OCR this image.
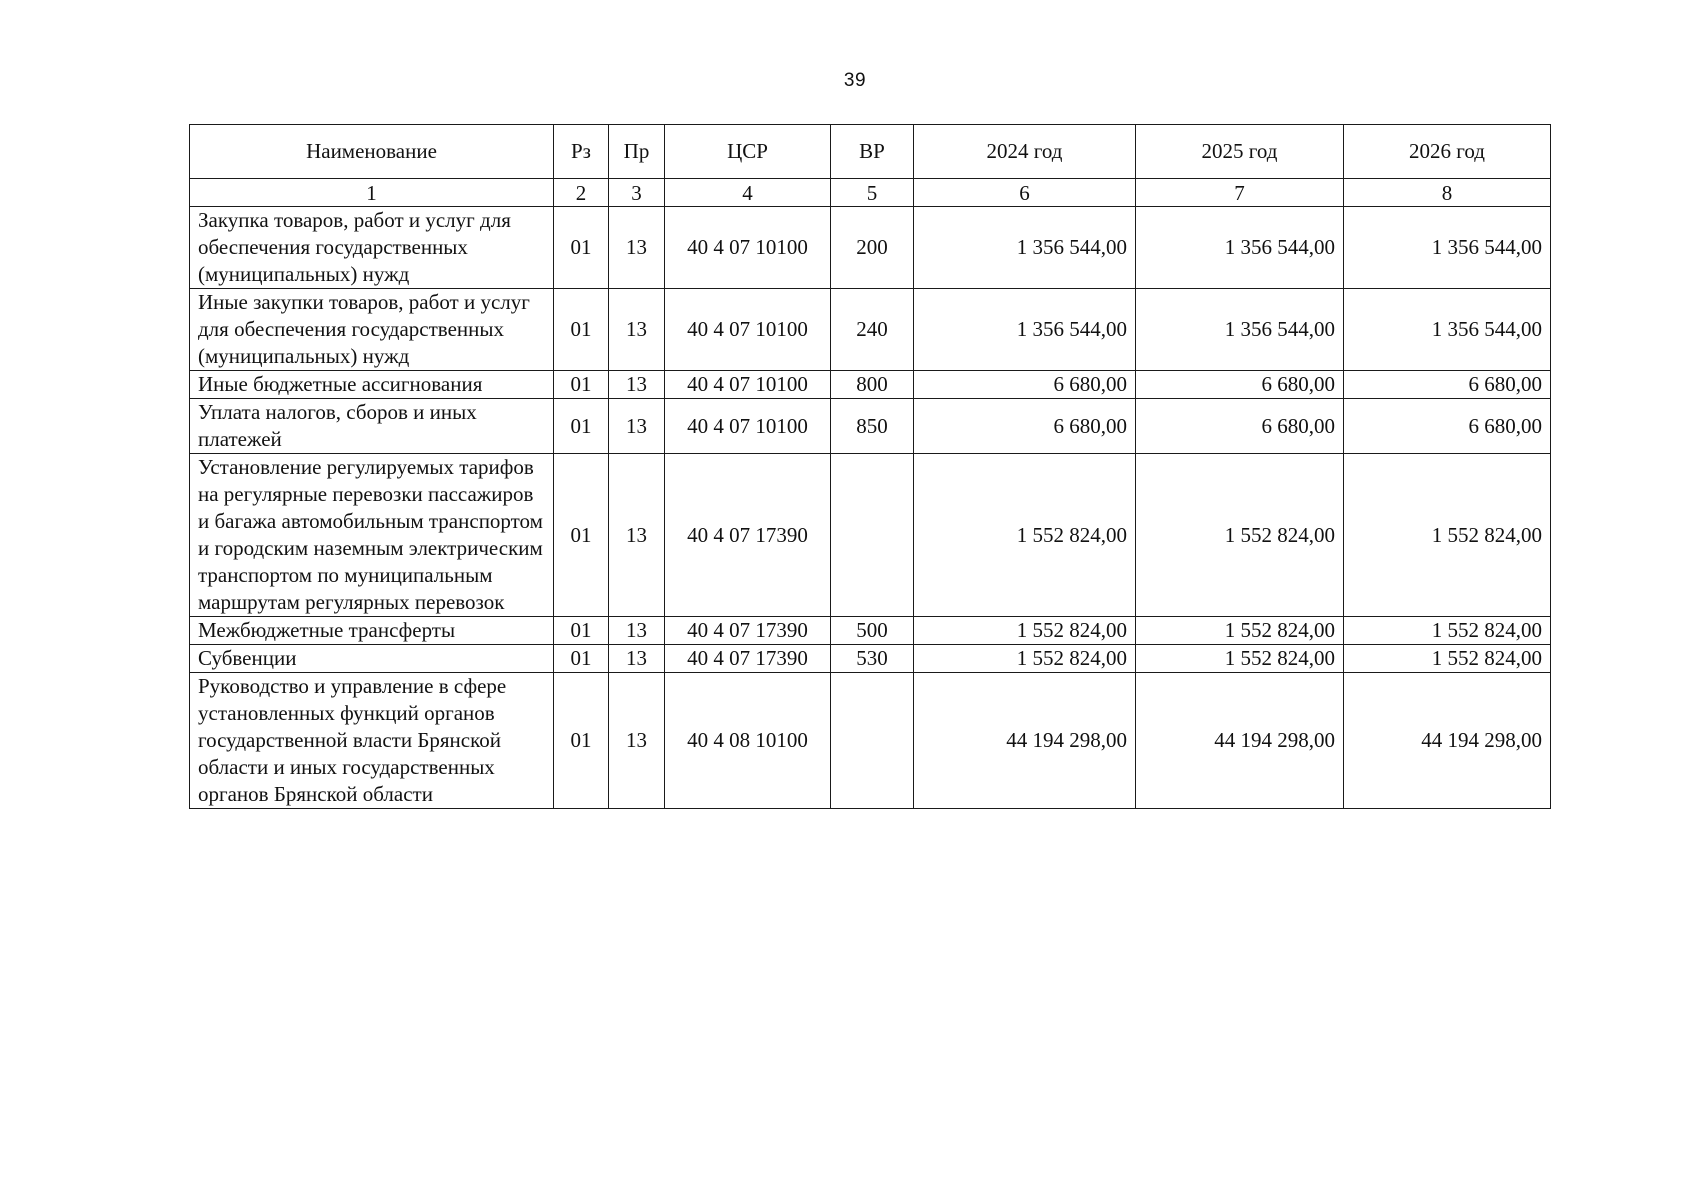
39
Наименование	Рз	Пр	ЦСР	ВР	2024 год	2025 год	2026 год
1	2	3	4	5	6	7	8
Закупка товаров, работ и услуг для обеспечения государственных (муниципальных) нужд	01	13	40 4 07 10100	200	1 356 544,00	1 356 544,00	1 356 544,00
Иные закупки товаров, работ и услуг для обеспечения государственных (муниципальных) нужд	01	13	40 4 07 10100	240	1 356 544,00	1 356 544,00	1 356 544,00
Иные бюджетные ассигнования	01	13	40 4 07 10100	800	6 680,00	6 680,00	6 680,00
Уплата налогов, сборов и иных платежей	01	13	40 4 07 10100	850	6 680,00	6 680,00	6 680,00
Установление регулируемых тарифов на регулярные перевозки пассажиров и багажа автомобильным транспортом и городским наземным электрическим транспортом по муниципальным маршрутам регулярных перевозок	01	13	40 4 07 17390		1 552 824,00	1 552 824,00	1 552 824,00
Межбюджетные трансферты	01	13	40 4 07 17390	500	1 552 824,00	1 552 824,00	1 552 824,00
Субвенции	01	13	40 4 07 17390	530	1 552 824,00	1 552 824,00	1 552 824,00
Руководство и управление в сфере установленных функций органов государственной власти Брянской области и иных государственных органов Брянской области	01	13	40 4 08 10100		44 194 298,00	44 194 298,00	44 194 298,00
